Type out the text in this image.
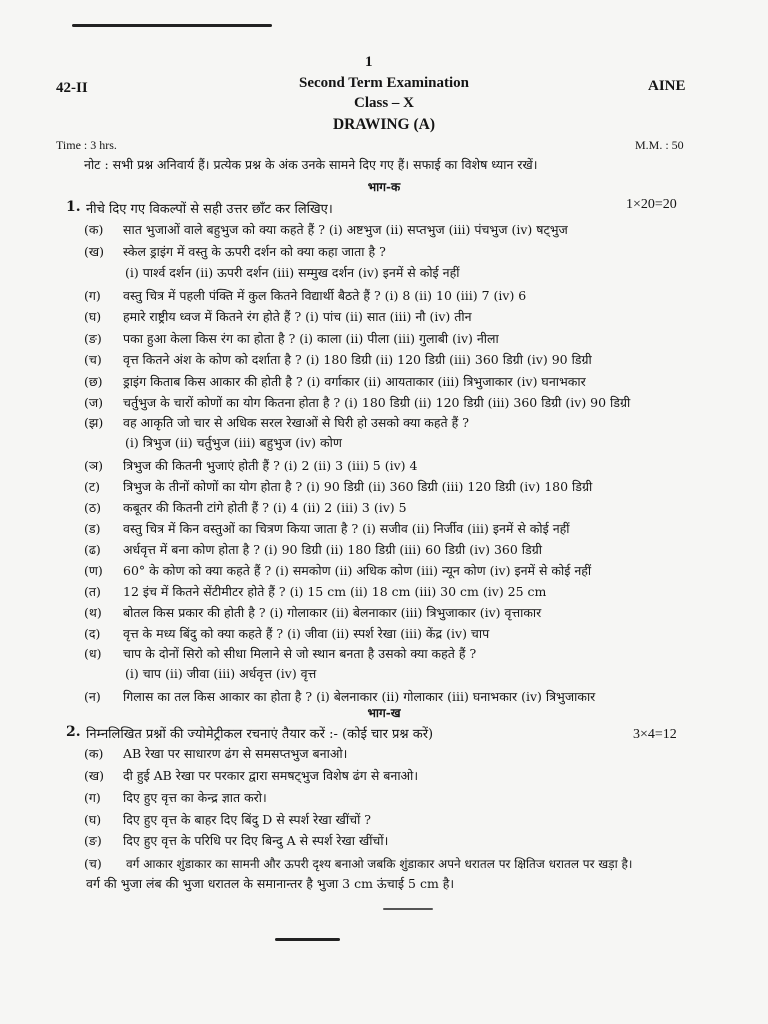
1
42-II	AINE
Second Term Examination
Class – X
DRAWING (A)
Time : 3 hrs.	M.M. : 50
नोट : सभी प्रश्न अनिवार्य हैं। प्रत्येक प्रश्न के अंक उनके सामने दिए गए हैं। सफाई का विशेष ध्यान रखें।
भाग-क
1. नीचे दिए गए विकल्पों से सही उत्तर छाँट कर लिखिए।	1×20=20
(क) सात भुजाओं वाले बहुभुज को क्या कहते हैं ? (i) अष्टभुज (ii) सप्तभुज (iii) पंचभुज (iv) षट्भुज
(ख) स्केल ड्राइंग में वस्तु के ऊपरी दर्शन को क्या कहा जाता है ?
(i) पार्श्व दर्शन (ii) ऊपरी दर्शन (iii) सम्मुख दर्शन (iv) इनमें से कोई नहीं
(ग) वस्तु चित्र में पहली पंक्ति में कुल कितने विद्यार्थी बैठते हैं ? (i) 8 (ii) 10 (iii) 7 (iv) 6
(घ) हमारे राष्ट्रीय ध्वज में कितने रंग होते हैं ? (i) पांच (ii) सात (iii) नौ (iv) तीन
(ङ) पका हुआ केला किस रंग का होता है ? (i) काला (ii) पीला (iii) गुलाबी (iv) नीला
(च) वृत्त कितने अंश के कोण को दर्शाता है ? (i) 180 डिग्री (ii) 120 डिग्री (iii) 360 डिग्री (iv) 90 डिग्री
(छ) ड्राइंग किताब किस आकार की होती है ? (i) वर्गाकार (ii) आयताकार (iii) त्रिभुजाकार (iv) घनाभकार
(ज) चर्तुभुज के चारों कोणों का योग कितना होता है ? (i) 180 डिग्री (ii) 120 डिग्री (iii) 360 डिग्री (iv) 90 डिग्री
(झ) वह आकृति जो चार से अधिक सरल रेखाओं से घिरी हो उसको क्या कहते हैं ?
(i) त्रिभुज (ii) चर्तुभुज (iii) बहुभुज (iv) कोण
(ञ) त्रिभुज की कितनी भुजाएं होती हैं ? (i) 2 (ii) 3 (iii) 5 (iv) 4
(ट) त्रिभुज के तीनों कोणों का योग होता है ? (i) 90 डिग्री (ii) 360 डिग्री (iii) 120 डिग्री (iv) 180 डिग्री
(ठ) कबूतर की कितनी टांगे होती हैं ? (i) 4 (ii) 2 (iii) 3 (iv) 5
(ड) वस्तु चित्र में किन वस्तुओं का चित्रण किया जाता है ? (i) सजीव (ii) निर्जीव (iii) इनमें से कोई नहीं
(ढ) अर्धवृत्त में बना कोण होता है ? (i) 90 डिग्री (ii) 180 डिग्री (iii) 60 डिग्री (iv) 360 डिग्री
(ण) 60° के कोण को क्या कहते हैं ? (i) समकोण (ii) अधिक कोण (iii) न्यून कोण (iv) इनमें से कोई नहीं
(त) 12 इंच में कितने सेंटीमीटर होते हैं ? (i) 15 cm (ii) 18 cm (iii) 30 cm (iv) 25 cm
(थ) बोतल किस प्रकार की होती है ? (i) गोलाकार (ii) बेलनाकार (iii) त्रिभुजाकार (iv) वृत्ताकार
(द) वृत्त के मध्य बिंदु को क्या कहते हैं ? (i) जीवा (ii) स्पर्श रेखा (iii) केंद्र (iv) चाप
(ध) चाप के दोनों सिरो को सीधा मिलाने से जो स्थान बनता है उसको क्या कहते हैं ?
(i) चाप (ii) जीवा (iii) अर्धवृत्त (iv) वृत्त
(न) गिलास का तल किस आकार का होता है ? (i) बेलनाकार (ii) गोलाकार (iii) घनाभकार (iv) त्रिभुजाकार
भाग-ख
2. निम्नलिखित प्रश्नों की ज्योमेट्रीकल रचनाएं तैयार करें :- (कोई चार प्रश्न करें)	3×4=12
(क) AB रेखा पर साधारण ढंग से समसप्तभुज बनाओ।
(ख) दी हुई AB रेखा पर परकार द्वारा समषट्भुज विशेष ढंग से बनाओ।
(ग) दिए हुए वृत्त का केन्द्र ज्ञात करो।
(घ) दिए हुए वृत्त के बाहर दिए बिंदु D से स्पर्श रेखा खींचों ?
(ङ) दिए हुए वृत्त के परिधि पर दिए बिन्दु A से स्पर्श रेखा खींचों।
(च) वर्ग आकार शुंडाकार का सामनी और ऊपरी दृश्य बनाओ जबकि शुंडाकार अपने धरातल पर क्षितिज धरातल पर खड़ा है।
वर्ग की भुजा लंब की भुजा धरातल के समानान्तर है भुजा 3 cm ऊंचाई 5 cm है।
